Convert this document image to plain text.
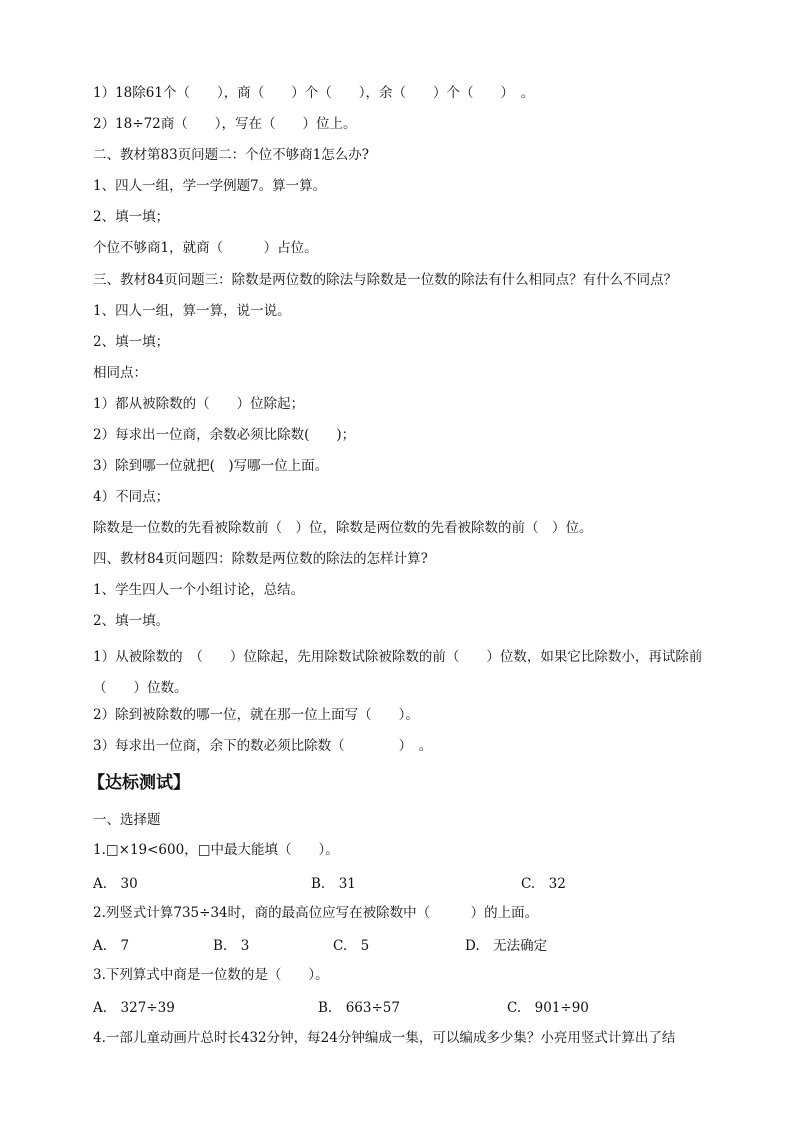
1）18除61个（　　），商（　　）个（　　），余（　　）个（　　）　。
2）18÷72商（　　），写在（　　）位上。
二、教材第83页问题二：个位不够商1怎么办?
1、四人一组，学一学例题7。算一算。
2、填一填；
个位不够商1，就商（　　　）占位。
三、教材84页问题三：除数是两位数的除法与除数是一位数的除法有什么相同点？有什么不同点？
1、四人一组，算一算，说一说。
2、填一填；
相同点：
1）都从被除数的（　　）位除起；
2）每求出一位商，余数必须比除数(　　)；
3）除到哪一位就把(　)写哪一位上面。
4）不同点；
除数是一位数的先看被除数前（　）位，除数是两位数的先看被除数的前（　）位。
四、教材84页问题四：除数是两位数的除法的怎样计算?
1、学生四人一个小组讨论，总结。
2、填一填。
1）从被除数的　（　　）位除起，先用除数试除被除数的前（　　）位数，如果它比除数小，再试除前（　　）位数。
2）除到被除数的哪一位，就在那一位上面写（　　）。
3）每求出一位商，余下的数必须比除数（　　　　）　。
【达标测试】
一、选择题
1.□×19<600，□中最大能填（　　）。
A.　30	B.　31	C.　32
2.列竖式计算735÷34时，商的最高位应写在被除数中（　　　）的上面。
A.　7	B.　3	C.　5	D.　无法确定
3.下列算式中商是一位数的是（　　）。
A.　327÷39	B.　663÷57	C.　901÷90
4.一部儿童动画片总时长432分钟，每24分钟编成一集，可以编成多少集？小亮用竖式计算出了结
